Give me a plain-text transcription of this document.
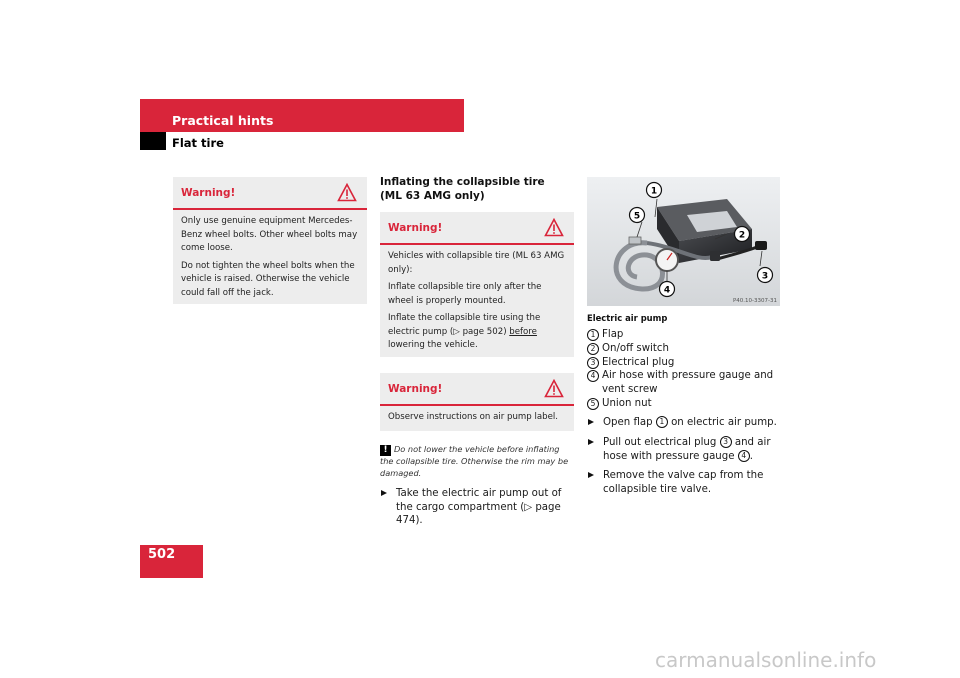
Practical hints
Flat tire
Warning!

Only use genuine equipment Mercedes-Benz wheel bolts. Other wheel bolts may come loose.

Do not tighten the wheel bolts when the vehicle is raised. Otherwise the vehicle could fall off the jack.

Inflating the collapsible tire
(ML 63 AMG only)
Warning!

Vehicles with collapsible tire (ML 63 AMG only):

Inflate collapsible tire only after the wheel is properly mounted.

Inflate the collapsible tire using the electric pump (▷ page 502) before lowering the vehicle.

Warning!

Observe instructions on air pump label.

! Do not lower the vehicle before inflating the collapsible tire. Otherwise the rim may be damaged.
Take the electric air pump out of the cargo compartment (▷ page 474).
1
2
3
4
5
P40.10-3307-31
Electric air pump
1 Flap
2 On/off switch
3 Electrical plug
4 Air hose with pressure gauge and vent screw
5 Union nut
Open flap 1 on electric air pump.
Pull out electrical plug 3 and air hose with pressure gauge 4 .
Remove the valve cap from the collapsible tire valve.
502
carmanualsonline.info
